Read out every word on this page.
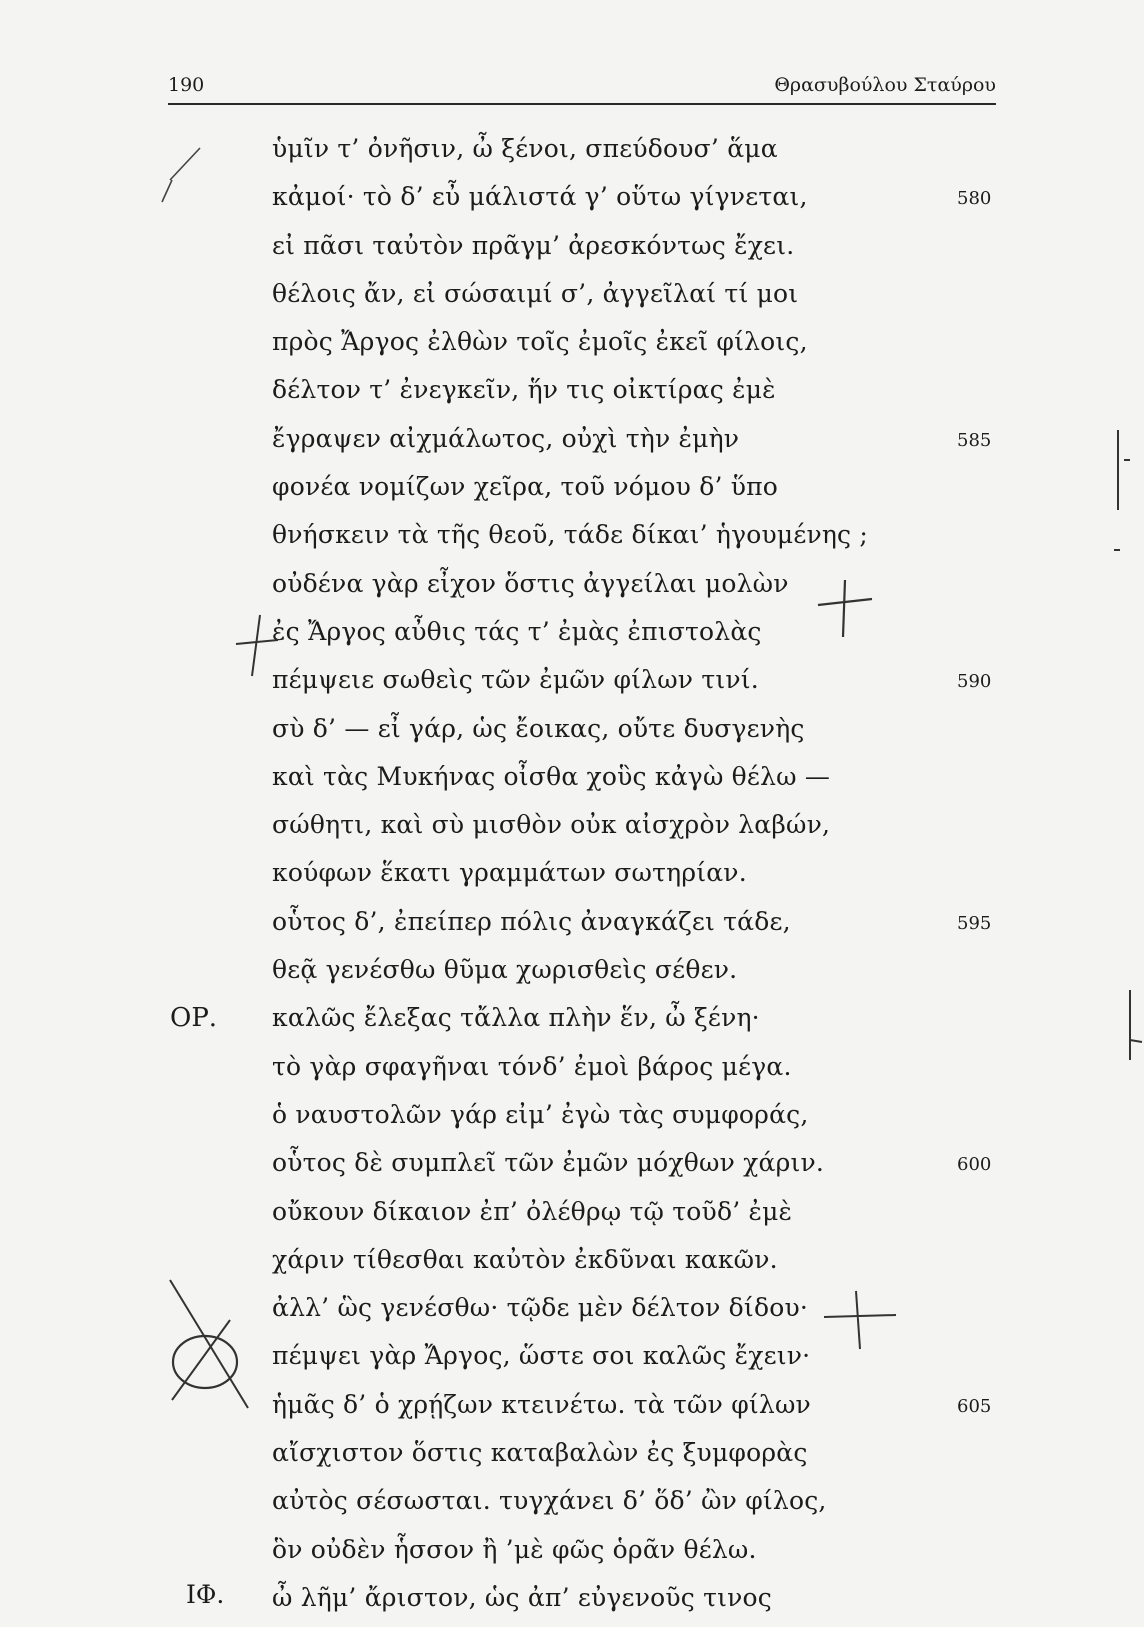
190	Θρασυβούλου Σταύρου
ὑμῖν τ’ ὀνῆσιν, ὦ ξένοι, σπεύδουσ’ ἅμα
κἀμοί· τὸ δ’ εὖ μάλιστά γ’ οὕτω γίγνεται,	580
εἰ πᾶσι ταὐτὸν πρᾶγμ’ ἀρεσκόντως ἔχει.
θέλοις ἄν, εἰ σώσαιμί σ’, ἀγγεῖλαί τί μοι
πρὸς Ἄργος ἐλθὼν τοῖς ἐμοῖς ἐκεῖ φίλοις,
δέλτον τ’ ἐνεγκεῖν, ἥν τις οἰκτίρας ἐμὲ
ἔγραψεν αἰχμάλωτος, οὐχὶ τὴν ἐμὴν	585
φονέα νομίζων χεῖρα, τοῦ νόμου δ’ ὕπο
θνήσκειν τὰ τῆς θεοῦ, τάδε δίκαι’ ἡγουμένης ;
οὐδένα γὰρ εἶχον ὅστις ἀγγείλαι μολὼν
ἐς Ἄργος αὖθις τάς τ’ ἐμὰς ἐπιστολὰς
πέμψειε σωθεὶς τῶν ἐμῶν φίλων τινί.	590
σὺ δ’ — εἶ γάρ, ὡς ἔοικας, οὔτε δυσγενὴς
καὶ τὰς Μυκήνας οἶσθα χοὓς κἀγὼ θέλω —
σώθητι, καὶ σὺ μισθὸν οὐκ αἰσχρὸν λαβών,
κούφων ἕκατι γραμμάτων σωτηρίαν.
οὗτος δ’, ἐπείπερ πόλις ἀναγκάζει τάδε,	595
θεᾷ γενέσθω θῦμα χωρισθεὶς σέθεν.
ΟΡ. καλῶς ἔλεξας τἄλλα πλὴν ἕν, ὦ ξένη·
τὸ γὰρ σφαγῆναι τόνδ’ ἐμοὶ βάρος μέγα.
ὁ ναυστολῶν γάρ εἰμ’ ἐγὼ τὰς συμφοράς,
οὗτος δὲ συμπλεῖ τῶν ἐμῶν μόχθων χάριν.	600
οὔκουν δίκαιον ἐπ’ ὀλέθρῳ τῷ τοῦδ’ ἐμὲ
χάριν τίθεσθαι καὐτὸν ἐκδῦναι κακῶν.
ἀλλ’ ὣς γενέσθω· τῷδε μὲν δέλτον δίδου·
πέμψει γὰρ Ἄργος, ὥστε σοι καλῶς ἔχειν·
ἡμᾶς δ’ ὁ χρῄζων κτεινέτω. τὰ τῶν φίλων	605
αἴσχιστον ὅστις καταβαλὼν ἐς ξυμφορὰς
αὐτὸς σέσωσται. τυγχάνει δ’ ὅδ’ ὢν φίλος,
ὃν οὐδὲν ἧσσον ἢ ’μὲ φῶς ὁρᾶν θέλω.
ΙΦ. ὦ λῆμ’ ἄριστον, ὡς ἀπ’ εὐγενοῦς τινος
